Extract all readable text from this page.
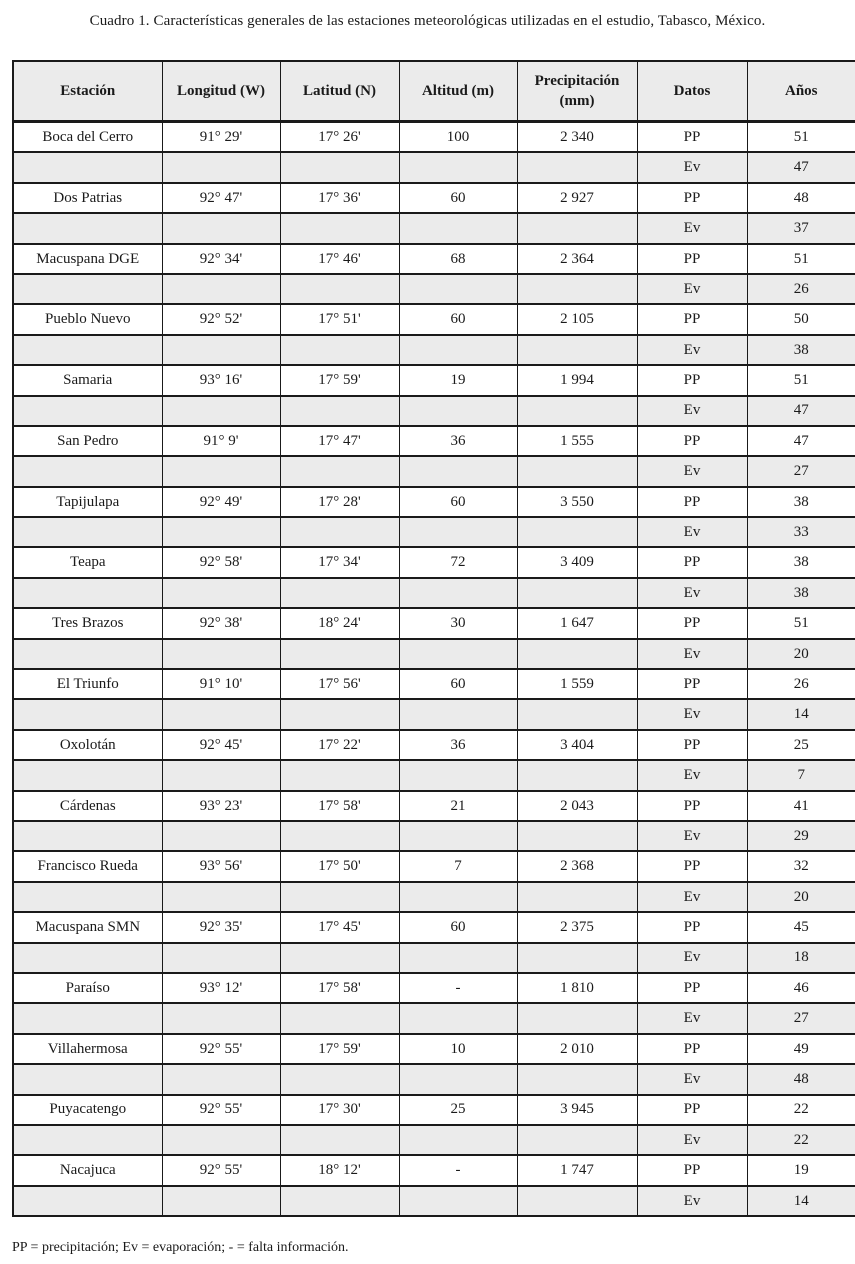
Cuadro 1. Características generales de las estaciones meteorológicas utilizadas en el estudio, Tabasco, México.
Estación	Longitud (W)	Latitud (N)	Altitud (m)	Precipitación (mm)	Datos	Años
Boca del Cerro	91° 29'	17° 26'	100	2 340	PP	51
					Ev	47
Dos Patrias	92° 47'	17° 36'	60	2 927	PP	48
					Ev	37
Macuspana DGE	92° 34'	17° 46'	68	2 364	PP	51
					Ev	26
Pueblo Nuevo	92° 52'	17° 51'	60	2 105	PP	50
					Ev	38
Samaria	93° 16'	17° 59'	19	1 994	PP	51
					Ev	47
San Pedro	91° 9'	17° 47'	36	1 555	PP	47
					Ev	27
Tapijulapa	92° 49'	17° 28'	60	3 550	PP	38
					Ev	33
Teapa	92° 58'	17° 34'	72	3 409	PP	38
					Ev	38
Tres Brazos	92° 38'	18° 24'	30	1 647	PP	51
					Ev	20
El Triunfo	91° 10'	17° 56'	60	1 559	PP	26
					Ev	14
Oxolotán	92° 45'	17° 22'	36	3 404	PP	25
					Ev	7
Cárdenas	93° 23'	17° 58'	21	2 043	PP	41
					Ev	29
Francisco Rueda	93° 56'	17° 50'	7	2 368	PP	32
					Ev	20
Macuspana SMN	92° 35'	17° 45'	60	2 375	PP	45
					Ev	18
Paraíso	93° 12'	17° 58'	-	1 810	PP	46
					Ev	27
Villahermosa	92° 55'	17° 59'	10	2 010	PP	49
					Ev	48
Puyacatengo	92° 55'	17° 30'	25	3 945	PP	22
					Ev	22
Nacajuca	92° 55'	18° 12'	-	1 747	PP	19
					Ev	14
PP = precipitación; Ev = evaporación; - = falta información.
